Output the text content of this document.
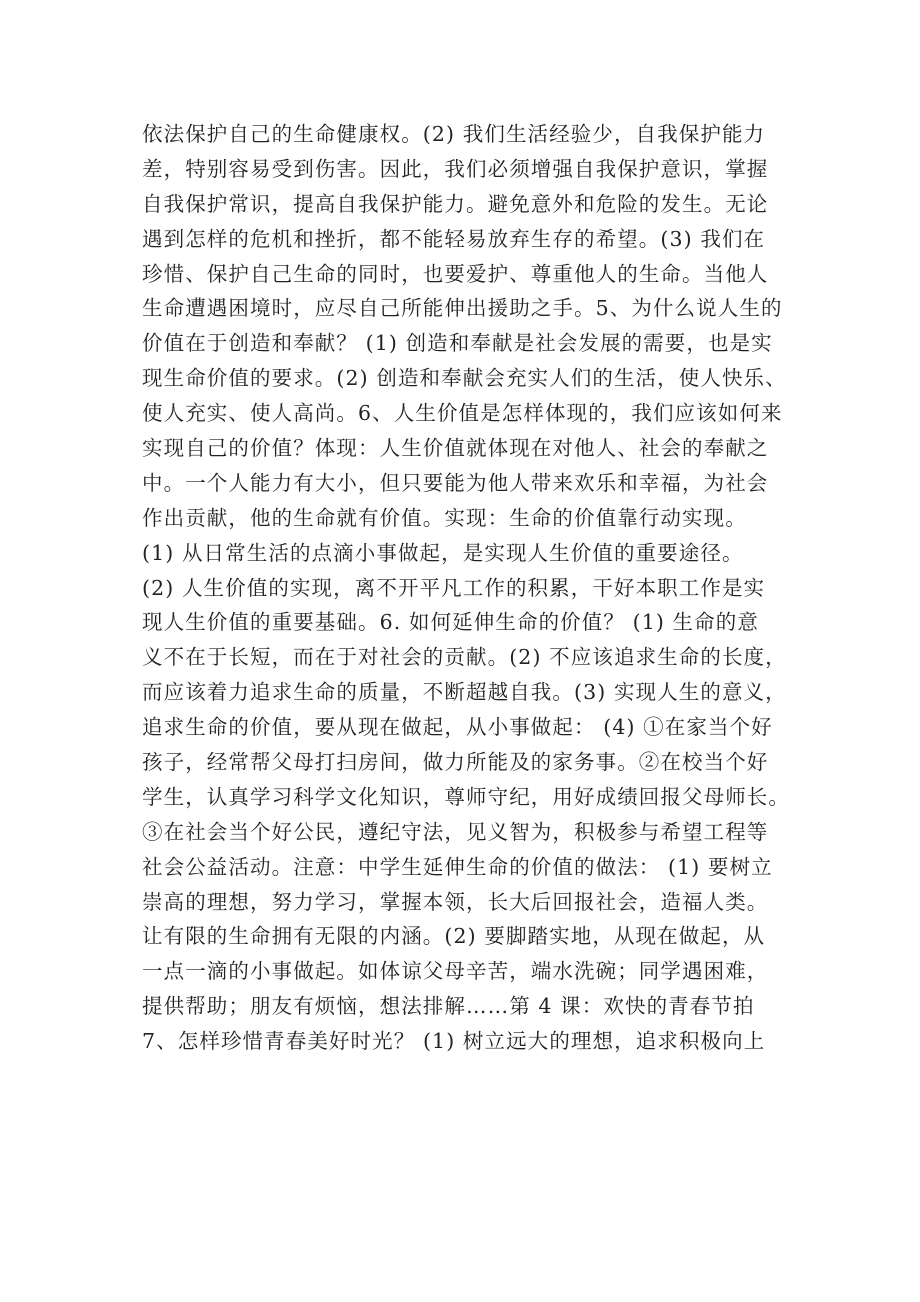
依法保护自己的生命健康权。(2) 我们生活经验少，自我保护能力
差，特别容易受到伤害。因此，我们必须增强自我保护意识，掌握
自我保护常识，提高自我保护能力。避免意外和危险的发生。无论
遇到怎样的危机和挫折，都不能轻易放弃生存的希望。(3) 我们在
珍惜、保护自己生命的同时，也要爱护、尊重他人的生命。当他人
生命遭遇困境时，应尽自己所能伸出援助之手。5、为什么说人生的
价值在于创造和奉献？ (1) 创造和奉献是社会发展的需要，也是实
现生命价值的要求。(2) 创造和奉献会充实人们的生活，使人快乐、
使人充实、使人高尚。6、人生价值是怎样体现的，我们应该如何来
实现自己的价值？体现：人生价值就体现在对他人、社会的奉献之
中。一个人能力有大小，但只要能为他人带来欢乐和幸福，为社会
作出贡献，他的生命就有价值。实现：生命的价值靠行动实现。
(1) 从日常生活的点滴小事做起，是实现人生价值的重要途径。
(2) 人生价值的实现，离不开平凡工作的积累，干好本职工作是实
现人生价值的重要基础。6. 如何延伸生命的价值？ (1) 生命的意
义不在于长短，而在于对社会的贡献。(2) 不应该追求生命的长度，
而应该着力追求生命的质量，不断超越自我。(3) 实现人生的意义，
追求生命的价值，要从现在做起，从小事做起： (4) ①在家当个好
孩子，经常帮父母打扫房间，做力所能及的家务事。②在校当个好
学生，认真学习科学文化知识，尊师守纪，用好成绩回报父母师长。
③在社会当个好公民，遵纪守法，见义智为，积极参与希望工程等
社会公益活动。注意：中学生延伸生命的价值的做法： (1) 要树立
崇高的理想，努力学习，掌握本领，长大后回报社会，造福人类。
让有限的生命拥有无限的内涵。(2) 要脚踏实地，从现在做起，从
一点一滴的小事做起。如体谅父母辛苦，端水洗碗；同学遇困难，
提供帮助；朋友有烦恼，想法排解……第 4 课：欢快的青春节拍
7、怎样珍惜青春美好时光？ (1) 树立远大的理想，追求积极向上
